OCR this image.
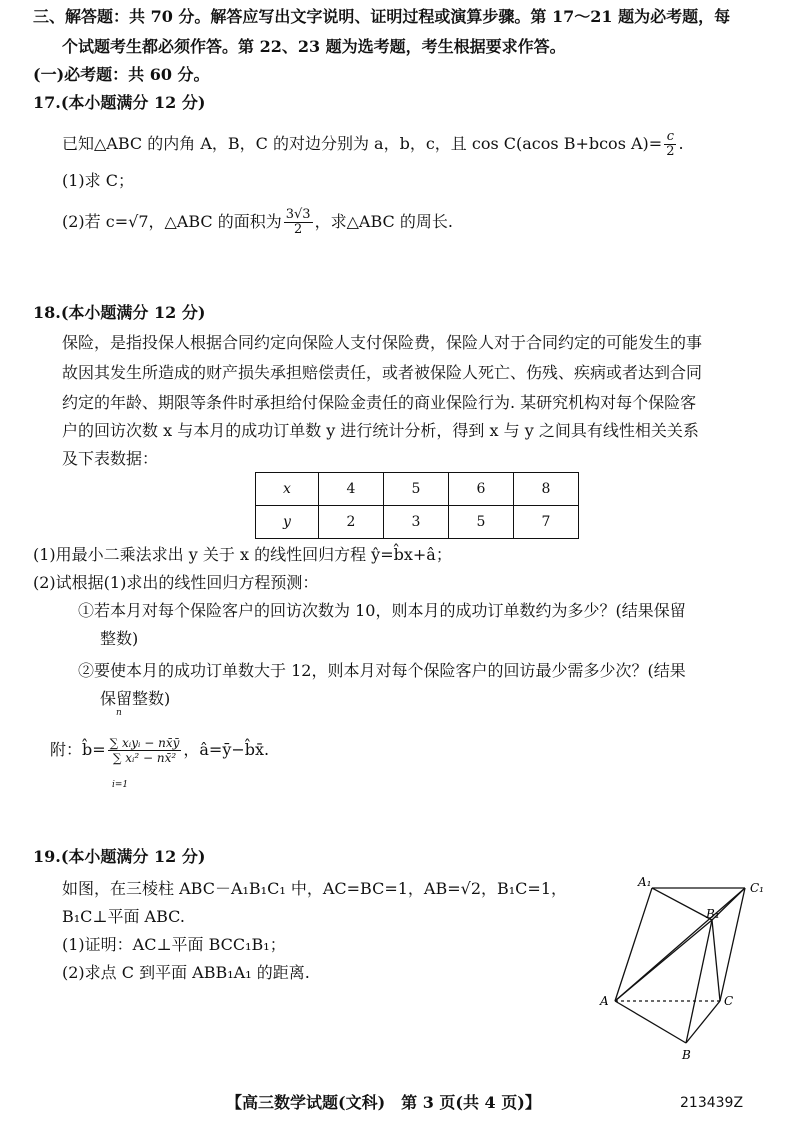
三、解答题：共 70 分。解答应写出文字说明、证明过程或演算步骤。第 17～21 题为必考题，每
个试题考生都必须作答。第 22、23 题为选考题，考生根据要求作答。
(一)必考题：共 60 分。
17.(本小题满分 12 分)
已知△ABC 的内角 A，B，C 的对边分别为 a，b，c，且 cos C(acos B+bcos $A)= \frac{c}{2}$ .
(1)求 C；
(2)若 c=√7，△ABC 的面积为 $\frac{3√3}{2}$ ，求△ABC 的周长.
18.(本小题满分 12 分)
保险，是指投保人根据合同约定向保险人支付保险费，保险人对于合同约定的可能发生的事
故因其发生所造成的财产损失承担赔偿责任，或者被保险人死亡、伤残、疾病或者达到合同
约定的年龄、期限等条件时承担给付保险金责任的商业保险行为. 某研究机构对每个保险客
户的回访次数 x 与本月的成功订单数 y 进行统计分析，得到 x 与 y 之间具有线性相关关系
及下表数据：
x	4	5	6	8
y	2	3	5	7
(1)用最小二乘法求出 y 关于 x 的线性回归方程 ŷ=b̂x+â；
(2)试根据(1)求出的线性回归方程预测：
①若本月对每个保险客户的回访次数为 10，则本月的成功订单数约为多少？(结果保留
整数)
②要使本月的成功订单数大于 12，则本月对每个保险客户的回访最少需多少次？(结果
保留整数)
附：b̂= $\frac{\text{∑ xᵢyᵢ − nx̄ȳ}}{\text{∑ xᵢ² − nx̄²}}$ ，â=ȳ−b̂x̄.
n
i=1
19.(本小题满分 12 分)
如图，在三棱柱 ABC－A₁B₁C₁ 中，AC=BC=1，AB=√2，B₁C=1，
B₁C⊥平面 ABC.
(1)证明：AC⊥平面 BCC₁B₁；
(2)求点 C 到平面 ABB₁A₁ 的距离.
A₁	C₁
B₁
A	C
B
【高三数学试题(文科)　第 3 页(共 4 页)】	213439Z
